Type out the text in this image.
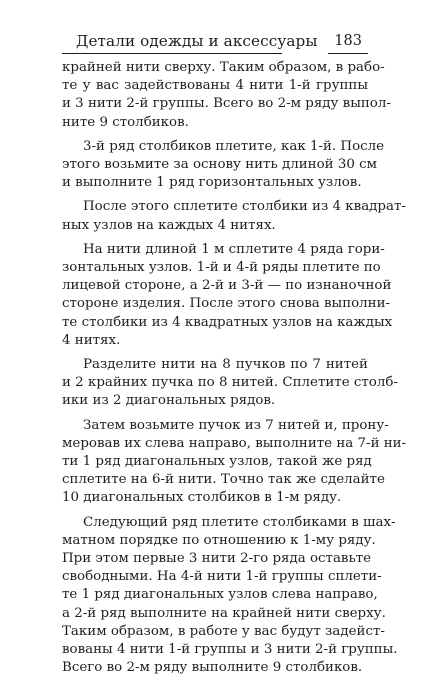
Детали одежды и аксессуары 183
крайней нити сверху. Таким образом, в рабо-
те у вас задействованы 4 нити 1-й группы
и 3 нити 2-й группы. Всего во 2-м ряду выпол-
ните 9 столбиков.
3-й ряд столбиков плетите, как 1-й. После
этого возьмите за основу нить длиной 30 см
и выполните 1 ряд горизонтальных узлов.
После этого сплетите столбики из 4 квадрат-
ных узлов на каждых 4 нитях.
На нити длиной 1 м сплетите 4 ряда гори-
зонтальных узлов. 1-й и 4-й ряды плетите по
лицевой стороне, а 2-й и 3-й — по изнаночной
стороне изделия. После этого снова выполни-
те столбики из 4 квадратных узлов на каждых
4 нитях.
Разделите нити на 8 пучков по 7 нитей
и 2 крайних пучка по 8 нитей. Сплетите столб-
ики из 2 диагональных рядов.
Затем возьмите пучок из 7 нитей и, прону-
меровав их слева направо, выполните на 7-й ни-
ти 1 ряд диагональных узлов, такой же ряд
сплетите на 6-й нити. Точно так же сделайте
10 диагональных столбиков в 1-м ряду.
Следующий ряд плетите столбиками в шах-
матном порядке по отношению к 1-му ряду.
При этом первые 3 нити 2-го ряда оставьте
свободными. На 4-й нити 1-й группы сплети-
те 1 ряд диагональных узлов слева направо,
а 2-й ряд выполните на крайней нити сверху.
Таким образом, в работе у вас будут задейст-
вованы 4 нити 1-й группы и 3 нити 2-й группы.
Всего во 2-м ряду выполните 9 столбиков.
